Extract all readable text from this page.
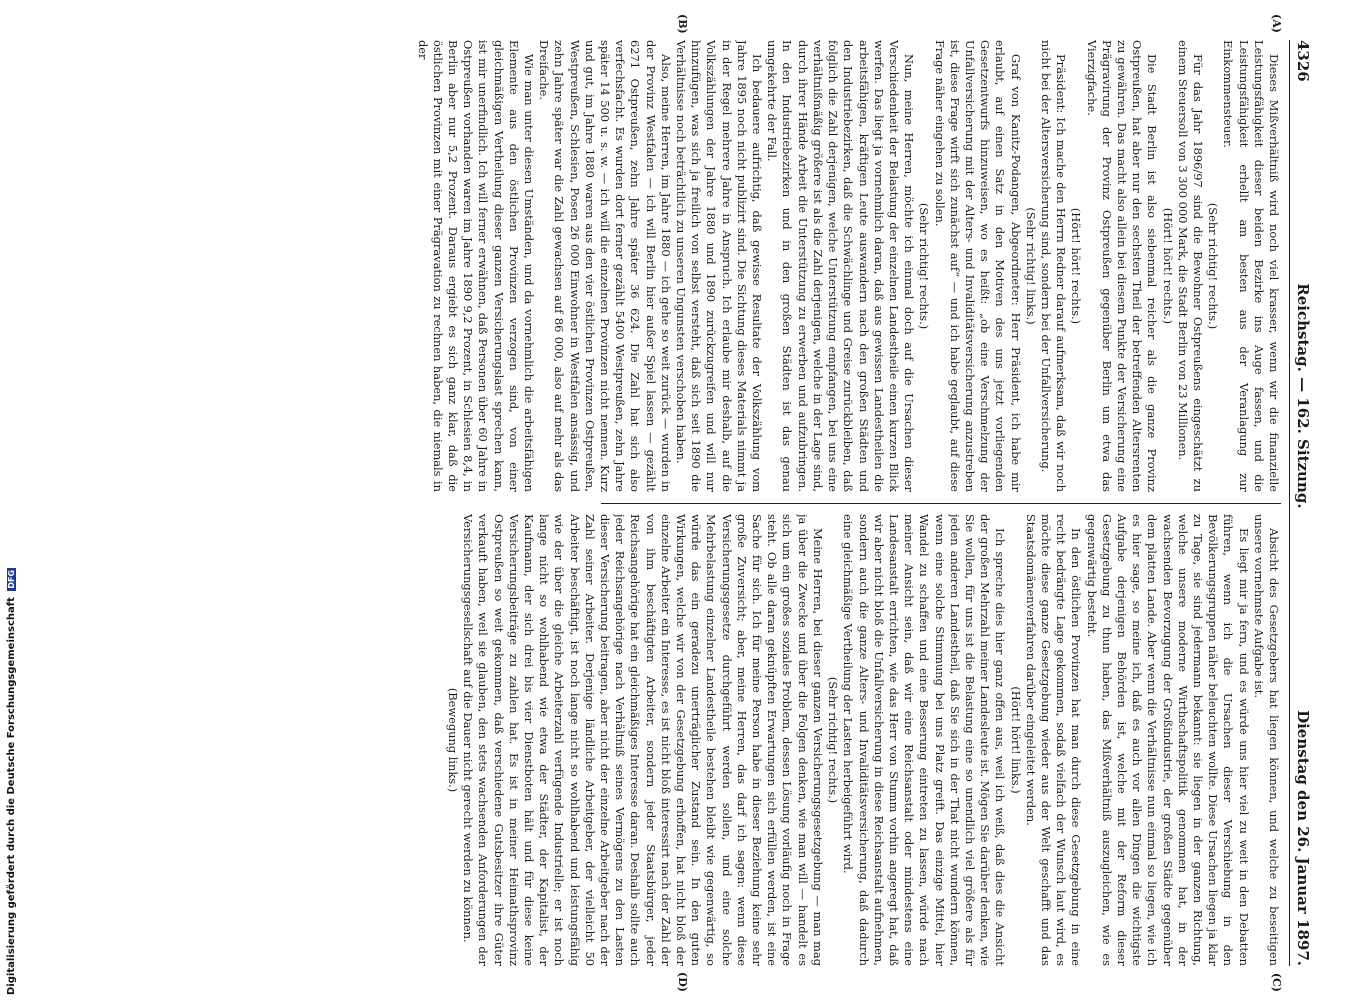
4326
Reichstag. — 162. Sitzung.
Dienstag den 26. Januar 1897.
(A)
(B)
(C)
(D)

Dieses Mißverhältniß wird noch viel krasser, wenn wir die finanzielle Leistungsfähigkeit dieser beiden Bezirke ins Auge fassen, und die Leistungsfähigkeit erhellt am besten aus der Veranlagung zur Einkommensteuer.

(Sehr richtig! rechts.)

Für das Jahr 1896/97 sind die Bewohner Ostpreußens eingeschätzt zu einem Steuersoll von 3 300 000 Mark, die Stadt Berlin von 23 Millionen.

(Hört! hört! rechts.)

Die Stadt Berlin ist also siebenmal reicher als die ganze Provinz Ostpreußen, hat aber nur den sechsten Theil der betreffenden Altersrenten zu gewähren. Das macht also allein bei diesem Punkte der Versicherung eine Prägravirung der Provinz Ostpreußen gegenüber Berlin um etwa das Vierzigfache.

(Hört! hört! rechts.)

Präsident: Ich mache den Herrn Redner darauf aufmerksam, daß wir noch nicht bei der Altersversicherung sind, sondern bei der Unfallversicherung.

(Sehr richtig! links.)

Graf von Kanitz-Podangen, Abgeordneter: Herr Präsident, ich habe mir erlaubt, auf einen Satz in den Motiven des uns jetzt vorliegenden Gesetzentwurfs hinzuweisen, wo es heißt: „ob eine Verschmelzung der Unfallversicherung mit der Alters- und Invaliditätsversicherung anzustreben ist, diese Frage wirft sich zunächst auf“ — und ich habe geglaubt, auf diese Frage näher eingehen zu sollen.

(Sehr richtig! rechts.)

Nun, meine Herren, möchte ich einmal doch auf die Ursachen dieser Verschiedenheit der Belastung der einzelnen Landestheile einen kurzen Blick werfen. Das liegt ja vornehmlich daran, daß aus gewissen Landestheilen die arbeitsfähigen, kräftigen Leute auswandern nach den großen Städten und den Industriebezirken, daß die Schwächlinge und Greise zurückbleiben, daß folglich die Zahl derjenigen, welche Unterstützung empfangen, bei uns eine verhältnißmäßig größere ist als die Zahl derjenigen, welche in der Lage sind, durch ihrer Hände Arbeit die Unterstützung zu erwerben und aufzubringen. In den Industriebezirken und in den großen Städten ist das genau umgekehrte der Fall.

Ich bedauere aufrichtig, daß gewisse Resultate der Volkszählung vom Jahre 1895 noch nicht publizirt sind. Die Sichtung dieses Materials nimmt ja in der Regel mehrere Jahre in Anspruch. Ich erlaube mir deshalb, auf die Volkszählungen der Jahre 1880 und 1890 zurückzugreifen und will nur hinzufügen, was sich ja freilich von selbst versteht, daß sich seit 1890 die Verhältnisse noch beträchtlich zu unseren Ungunsten verschoben haben.

Also, meine Herren, im Jahre 1880 — ich gehe so weit zurück — wurden in der Provinz Westfalen — ich will Berlin hier außer Spiel lassen — gezählt 6271 Ostpreußen, zehn Jahre später 36 624. Die Zahl hat sich also verfechsfacht. Es wurden dort ferner gezählt 5400 Westpreußen, zehn Jahre später 14 500 u. s. w. — ich will die einzelnen Provinzen nicht nennen. Kurz und gut, im Jahre 1880 waren aus den vier östlichen Provinzen Ostpreußen, Westpreußen, Schlesien, Posen 26 000 Einwohner in Westfalen ansässig, und zehn Jahre später war die Zahl gewachsen auf 86 000, also auf mehr als das Dreifache.

Wie man unter diesen Umständen, und da vornehmlich die arbeitsfähigen Elemente aus den östlichen Provinzen verzogen sind, von einer gleichmäßigen Vertheilung dieser ganzen Versicherungslast sprechen kann, ist mir unerfindlich. Ich will ferner erwähnen, daß Personen über 60 Jahre in Ostpreußen vorhanden waren im Jahre 1890 9,2 Prozent, in Schlesien 8,4, in Berlin aber nur 5,2 Prozent. Daraus ergiebt es sich ganz klar, daß die östlichen Provinzen mit einer Prägravation zu rechnen haben, die niemals in der

Absicht des Gesetzgebers hat liegen können, und welche zu beseitigen unsere vornehmste Aufgabe ist.

Es liegt mir ja fern, und es würde uns hier viel zu weit in den Debatten führen, wenn ich die Ursachen dieser Verschiebung in den Bevölkerungsgruppen näher beleuchten wollte. Diese Ursachen liegen ja klar zu Tage, sie sind jedermann bekannt: sie liegen in der ganzen Richtung, welche unsere moderne Wirthschaftspolitik genommen hat, in der wachsenden Bevorzugung der Großindustrie, der großen Städte gegenüber dem platten Lande. Aber wenn die Verhältnisse nun einmal so liegen, wie ich es hier sage, so meine ich, daß es auch vor allen Dingen die wichtigste Aufgabe derjenigen Behörden ist, welche mit der Reform dieser Gesetzgebung zu thun haben, das Mißverhältniß auszugleichen, wie es gegenwärtig besteht.

In den östlichen Provinzen hat man durch diese Gesetzgebung in eine recht bedrängte Lage gekommen, sodaß vielfach der Wunsch laut wird, es möchte diese ganze Gesetzgebung wieder aus der Welt geschafft und das Staatsdomänenverfahren darüber eingeleitet werden.

(Hört! hört! links.)

Ich spreche dies hier ganz offen aus, weil ich weiß, daß dies die Ansicht der großen Mehrzahl meiner Landesleute ist. Mögen Sie darüber denken, wie Sie wollen, für uns ist die Belastung eine so unendlich viel größere als für jeden anderen Landestheil, daß Sie sich in der That nicht wundern können, wenn eine solche Stimmung bei uns Platz greift. Das einzige Mittel, hier Wandel zu schaffen und eine Besserung eintreten zu lassen, würde nach meiner Ansicht sein, daß wir eine Reichsanstalt oder mindestens eine Landesanstalt errichten, wie das Herr von Stumm vorhin angeregt hat, daß wir aber nicht bloß die Unfallversicherung in diese Reichsanstalt aufnehmen, sondern auch die ganze Alters- und Invaliditätsversicherung, daß dadurch eine gleichmäßige Vertheilung der Lasten herbeigeführt wird.

(Sehr richtig! rechts.)

Meine Herren, bei dieser ganzen Versicherungsgesetzgebung — man mag ja über die Zwecke und über die Folgen denken, wie man will — handelt es sich um ein großes soziales Problem, dessen Lösung vorläufig noch in Frage steht. Ob alle daran geknüpften Erwartungen sich erfüllen werden, ist eine Sache für sich. Ich für meine Person habe in dieser Beziehung keine sehr große Zuversicht; aber, meine Herren, das darf ich sagen: wenn diese Versicherungsgesetze durchgeführt werden sollen, und eine solche Mehrbelastung einzelner Landestheile bestehen bleibt wie gegenwärtig, so würde das ein geradezu unerträglicher Zustand sein. In den guten Wirkungen, welche wir von der Gesetzgebung erhoffen, hat nicht bloß der einzelne Arbeiter ein Interesse, es ist nicht bloß interessirt nach der Zahl der von ihm beschäftigten Arbeiter, sondern jeder Staatsbürger, jeder Reichsangehörige hat ein gleichmäßiges Interesse daran. Deshalb sollte auch jeder Reichsangehörige nach Verhältniß seines Vermögens zu den Lasten dieser Versicherung beitragen, aber nicht der einzelne Arbeitgeber nach der Zahl seiner Arbeiter. Derjenige ländliche Arbeitgeber, der vielleicht 50 Arbeiter beschäftigt, ist noch lange nicht so wohlhabend und leistungsfähig wie der über die gleiche Arbeiterzahl verfügende Industrielle; er ist noch lange nicht so wohlhabend wie etwa der Städter, der Kapitalist, der Kaufmann, der sich drei bis vier Dienstboten hält und für diese keine Versicherungsbeiträge zu zahlen hat. Es ist in meiner Heimathsprovinz Ostpreußen so weit gekommen, daß verschiedene Gutsbesitzer ihre Güter verkauft haben, weil sie glauben, den stets wachsenden Anforderungen der Versicherungsgesellschaft auf die Dauer nicht gerecht werden zu können.

(Bewegung links.)

Digitalisierung gefördert durch die Deutsche Forschungsgemeinschaft DFG
